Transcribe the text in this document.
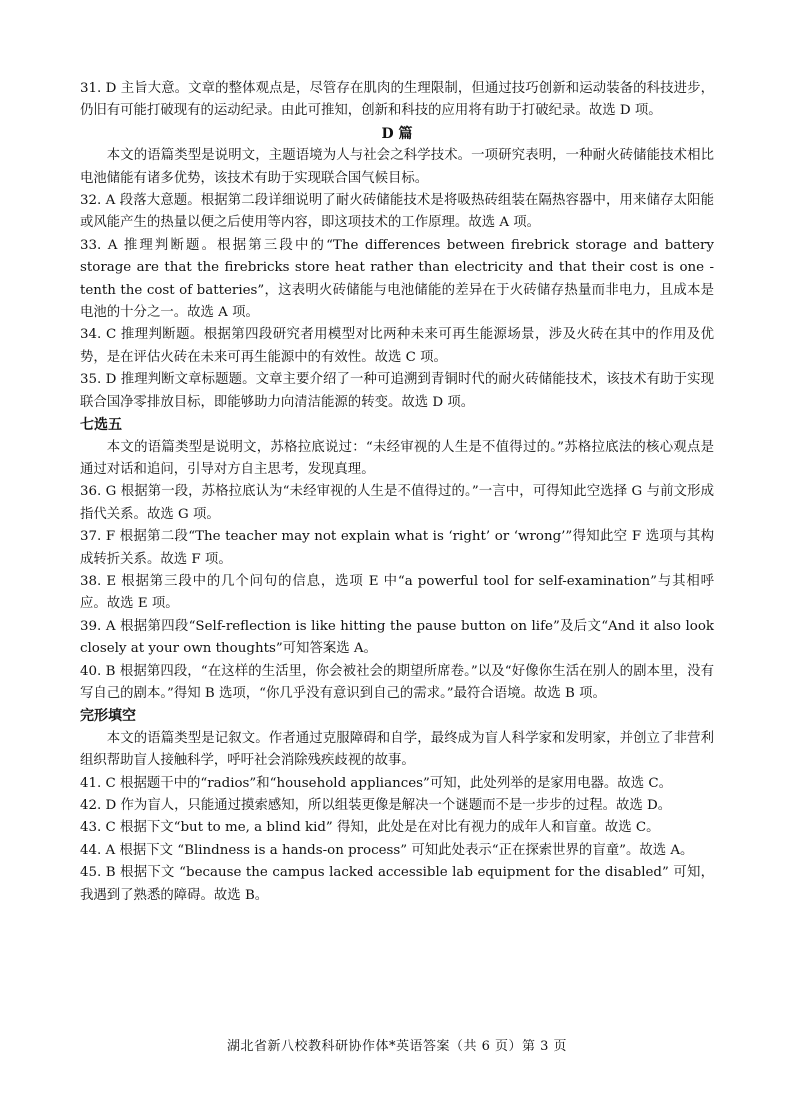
31. D 主旨大意。文章的整体观点是，尽管存在肌肉的生理限制，但通过技巧创新和运动装备的科技进步，仍旧有可能打破现有的运动纪录。由此可推知，创新和科技的应用将有助于打破纪录。故选 D 项。

D 篇

本文的语篇类型是说明文，主题语境为人与社会之科学技术。一项研究表明，一种耐火砖储能技术相比电池储能有诸多优势，该技术有助于实现联合国气候目标。

32. A 段落大意题。根据第二段详细说明了耐火砖储能技术是将吸热砖组装在隔热容器中，用来储存太阳能或风能产生的热量以便之后使用等内容，即这项技术的工作原理。故选 A 项。

33. A 推理判断题。根据第三段中的“The differences between firebrick storage and battery storage are that the firebricks store heat rather than electricity and that their cost is one - tenth the cost of batteries”，这表明火砖储能与电池储能的差异在于火砖储存热量而非电力，且成本是电池的十分之一。故选 A 项。

34. C 推理判断题。根据第四段研究者用模型对比两种未来可再生能源场景，涉及火砖在其中的作用及优势，是在评估火砖在未来可再生能源中的有效性。故选 C 项。

35. D 推理判断文章标题题。文章主要介绍了一种可追溯到青铜时代的耐火砖储能技术，该技术有助于实现联合国净零排放目标，即能够助力向清洁能源的转变。故选 D 项。

七选五

本文的语篇类型是说明文，苏格拉底说过：“未经审视的人生是不值得过的。”苏格拉底法的核心观点是通过对话和追问，引导对方自主思考，发现真理。

36. G 根据第一段，苏格拉底认为“未经审视的人生是不值得过的。”一言中，可得知此空选择 G 与前文形成指代关系。故选 G 项。

37. F 根据第二段“The teacher may not explain what is ‘right’ or ‘wrong’”得知此空 F 选项与其构成转折关系。故选 F 项。

38. E 根据第三段中的几个问句的信息，选项 E 中“a powerful tool for self-examination”与其相呼应。故选 E 项。

39. A 根据第四段“Self-reflection is like hitting the pause button on life”及后文“And it also look closely at your own thoughts”可知答案选 A。

40. B 根据第四段，“在这样的生活里，你会被社会的期望所席卷。”以及“好像你生活在别人的剧本里，没有写自己的剧本。”得知 B 选项，“你几乎没有意识到自己的需求。”最符合语境。故选 B 项。

完形填空

本文的语篇类型是记叙文。作者通过克服障碍和自学，最终成为盲人科学家和发明家，并创立了非营利组织帮助盲人接触科学，呼吁社会消除残疾歧视的故事。

41. C 根据题干中的“radios”和“household appliances”可知，此处列举的是家用电器。故选 C。

42. D 作为盲人，只能通过摸索感知，所以组装更像是解决一个谜题而不是一步步的过程。故选 D。

43. C 根据下文“but to me, a blind kid” 得知，此处是在对比有视力的成年人和盲童。故选 C。

44. A 根据下文 “Blindness is a hands-on process” 可知此处表示“正在探索世界的盲童”。故选 A。

45. B 根据下文 “because the campus lacked accessible lab equipment for the disabled” 可知，我遇到了熟悉的障碍。故选 B。

湖北省新八校教科研协作体*英语答案（共 6 页）第 3 页
